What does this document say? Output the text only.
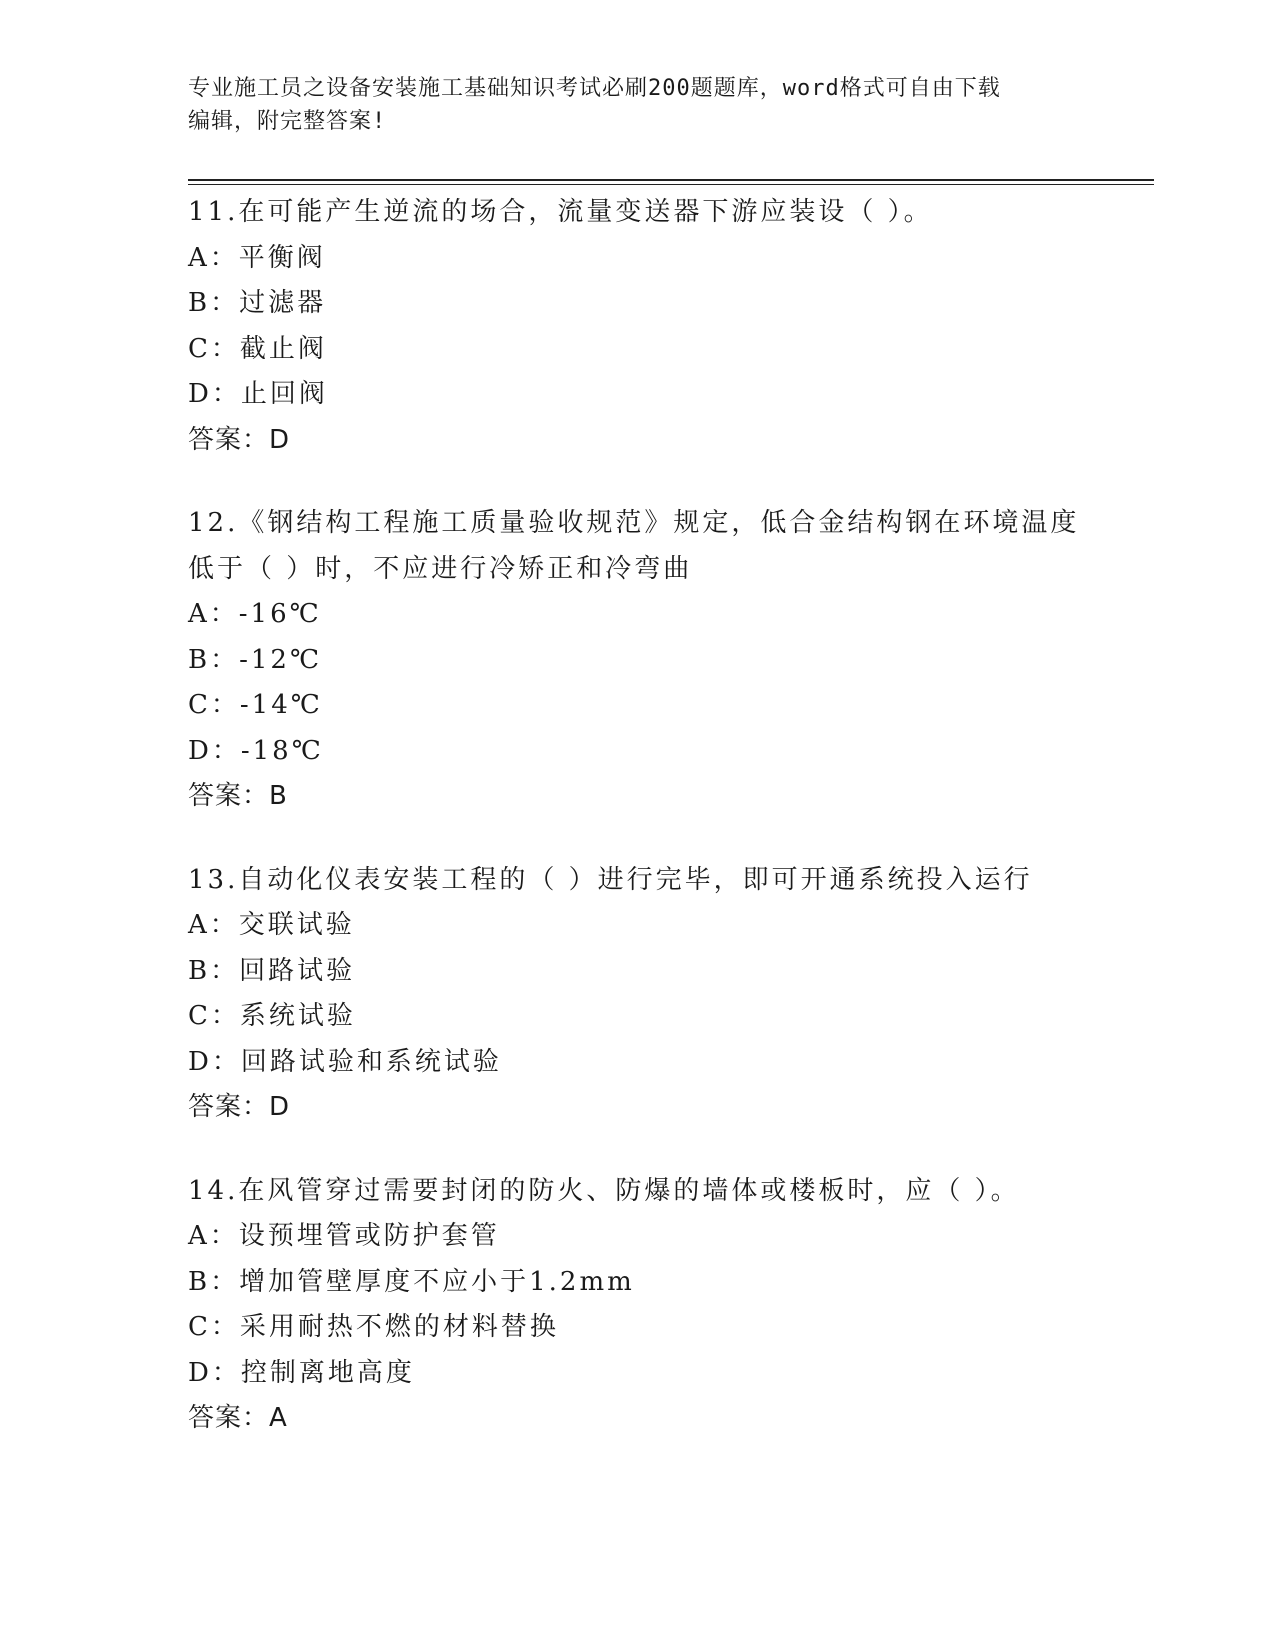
专业施工员之设备安装施工基础知识考试必刷200题题库，word格式可自由下载
编辑，附完整答案!
11.在可能产生逆流的场合，流量变送器下游应装设（ ）。
A：平衡阀
B：过滤器
C：截止阀
D：止回阀
答案：D
12.《钢结构工程施工质量验收规范》规定，低合金结构钢在环境温度
低于（ ）时，不应进行冷矫正和冷弯曲
A：-16℃
B：-12℃
C：-14℃
D：-18℃
答案：B
13.自动化仪表安装工程的（ ）进行完毕，即可开通系统投入运行
A：交联试验
B：回路试验
C：系统试验
D：回路试验和系统试验
答案：D
14.在风管穿过需要封闭的防火、防爆的墙体或楼板时，应（ ）。
A：设预埋管或防护套管
B：增加管壁厚度不应小于1.2mm
C：采用耐热不燃的材料替换
D：控制离地高度
答案：A
